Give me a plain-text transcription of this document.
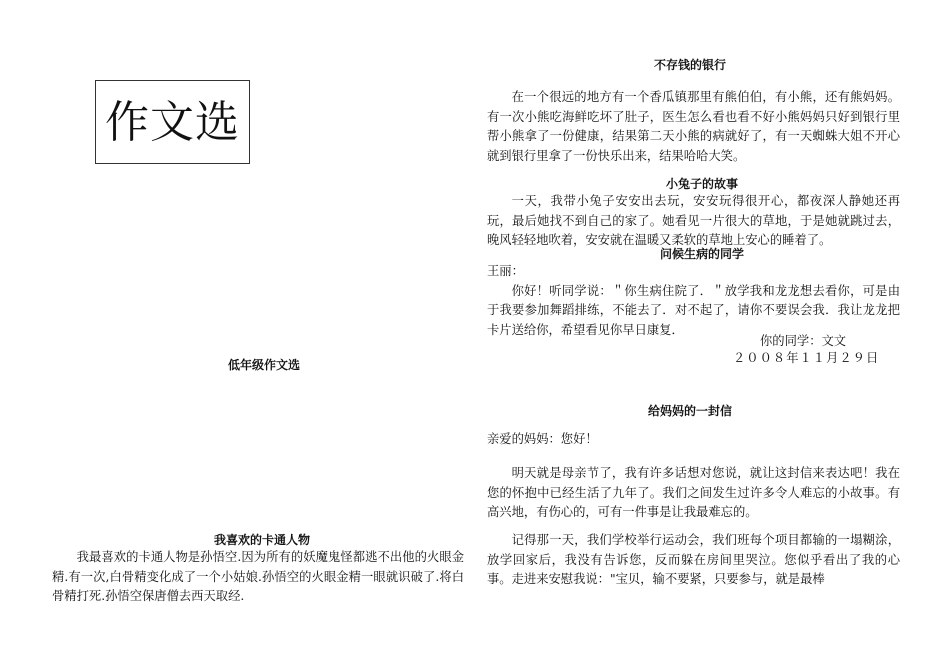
作文选
低年级作文选
我喜欢的卡通人物

我最喜欢的卡通人物是孙悟空.因为所有的妖魔鬼怪都逃不出他的火眼金精.有一次,白骨精变化成了一个小姑娘.孙悟空的火眼金精一眼就识破了.将白骨精打死.孙悟空保唐僧去西天取经.

不存钱的银行

在一个很远的地方有一个香瓜镇那里有熊伯伯，有小熊，还有熊妈妈。有一次小熊吃海鲜吃坏了肚子，医生怎么看也看不好小熊妈妈只好到银行里帮小熊拿了一份健康，结果第二天小熊的病就好了，有一天蜘蛛大姐不开心就到银行里拿了一份快乐出来，结果哈哈大笑。

小兔子的故事

一天，我带小兔子安安出去玩，安安玩得很开心，都夜深人静她还再玩，最后她找不到自己的家了。她看见一片很大的草地，于是她就跳过去，晚风轻轻地吹着，安安就在温暖又柔软的草地上安心的睡着了。

问候生病的同学

王丽：

你好！听同学说：＂你生病住院了．＂放学我和龙龙想去看你，可是由于我要参加舞蹈排练，不能去了．对不起了，请你不要误会我．我让龙龙把卡片送给你，希望看见你早日康复．

你的同学：文文
２００８年１１月２９日
给妈妈的一封信
亲爱的妈妈：您好！

明天就是母亲节了，我有许多话想对您说，就让这封信来表达吧！我在您的怀抱中已经生活了九年了。我们之间发生过许多令人难忘的小故事。有高兴地，有伤心的，可有一件事是让我最难忘的。

记得那一天，我们学校举行运动会，我们班每个项目都输的一塌糊涂，放学回家后，我没有告诉您，反而躲在房间里哭泣。您似乎看出了我的心事。走进来安慰我说："宝贝，输不要紧，只要参与，就是最棒
